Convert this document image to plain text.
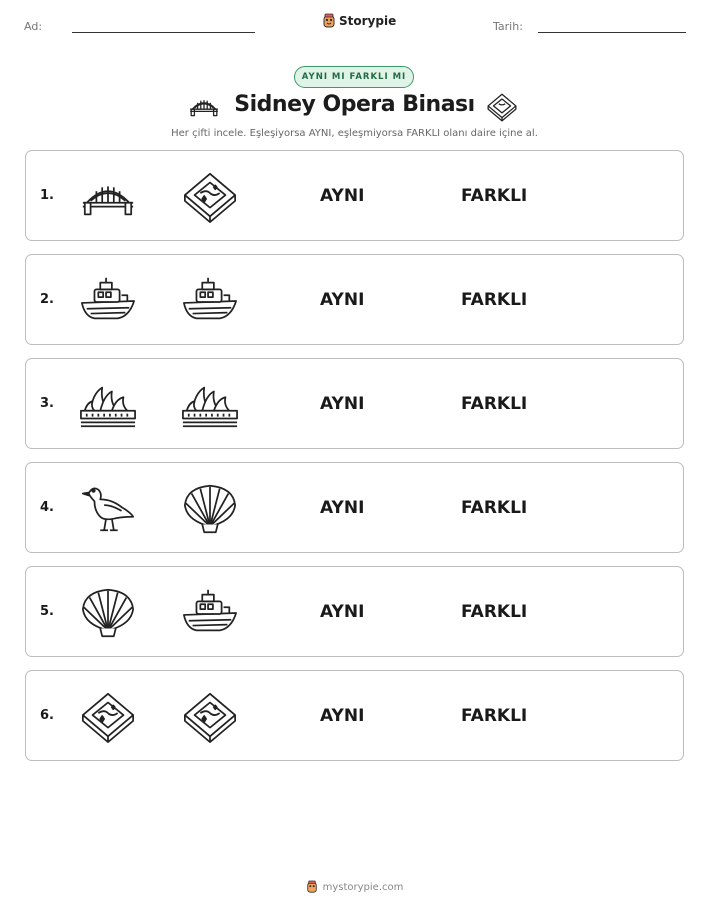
Ad:	Storypie	Tarih:
AYNI MI FARKLI MI
Sidney Opera Binası
Her çifti incele. Eşleşiyorsa AYNI, eşleşmiyorsa FARKLI olanı daire içine al.
1.	AYNI	FARKLI
2.	AYNI	FARKLI
3.	AYNI	FARKLI
4.	AYNI	FARKLI
5.	AYNI	FARKLI
6.	AYNI	FARKLI
mystorypie.com
